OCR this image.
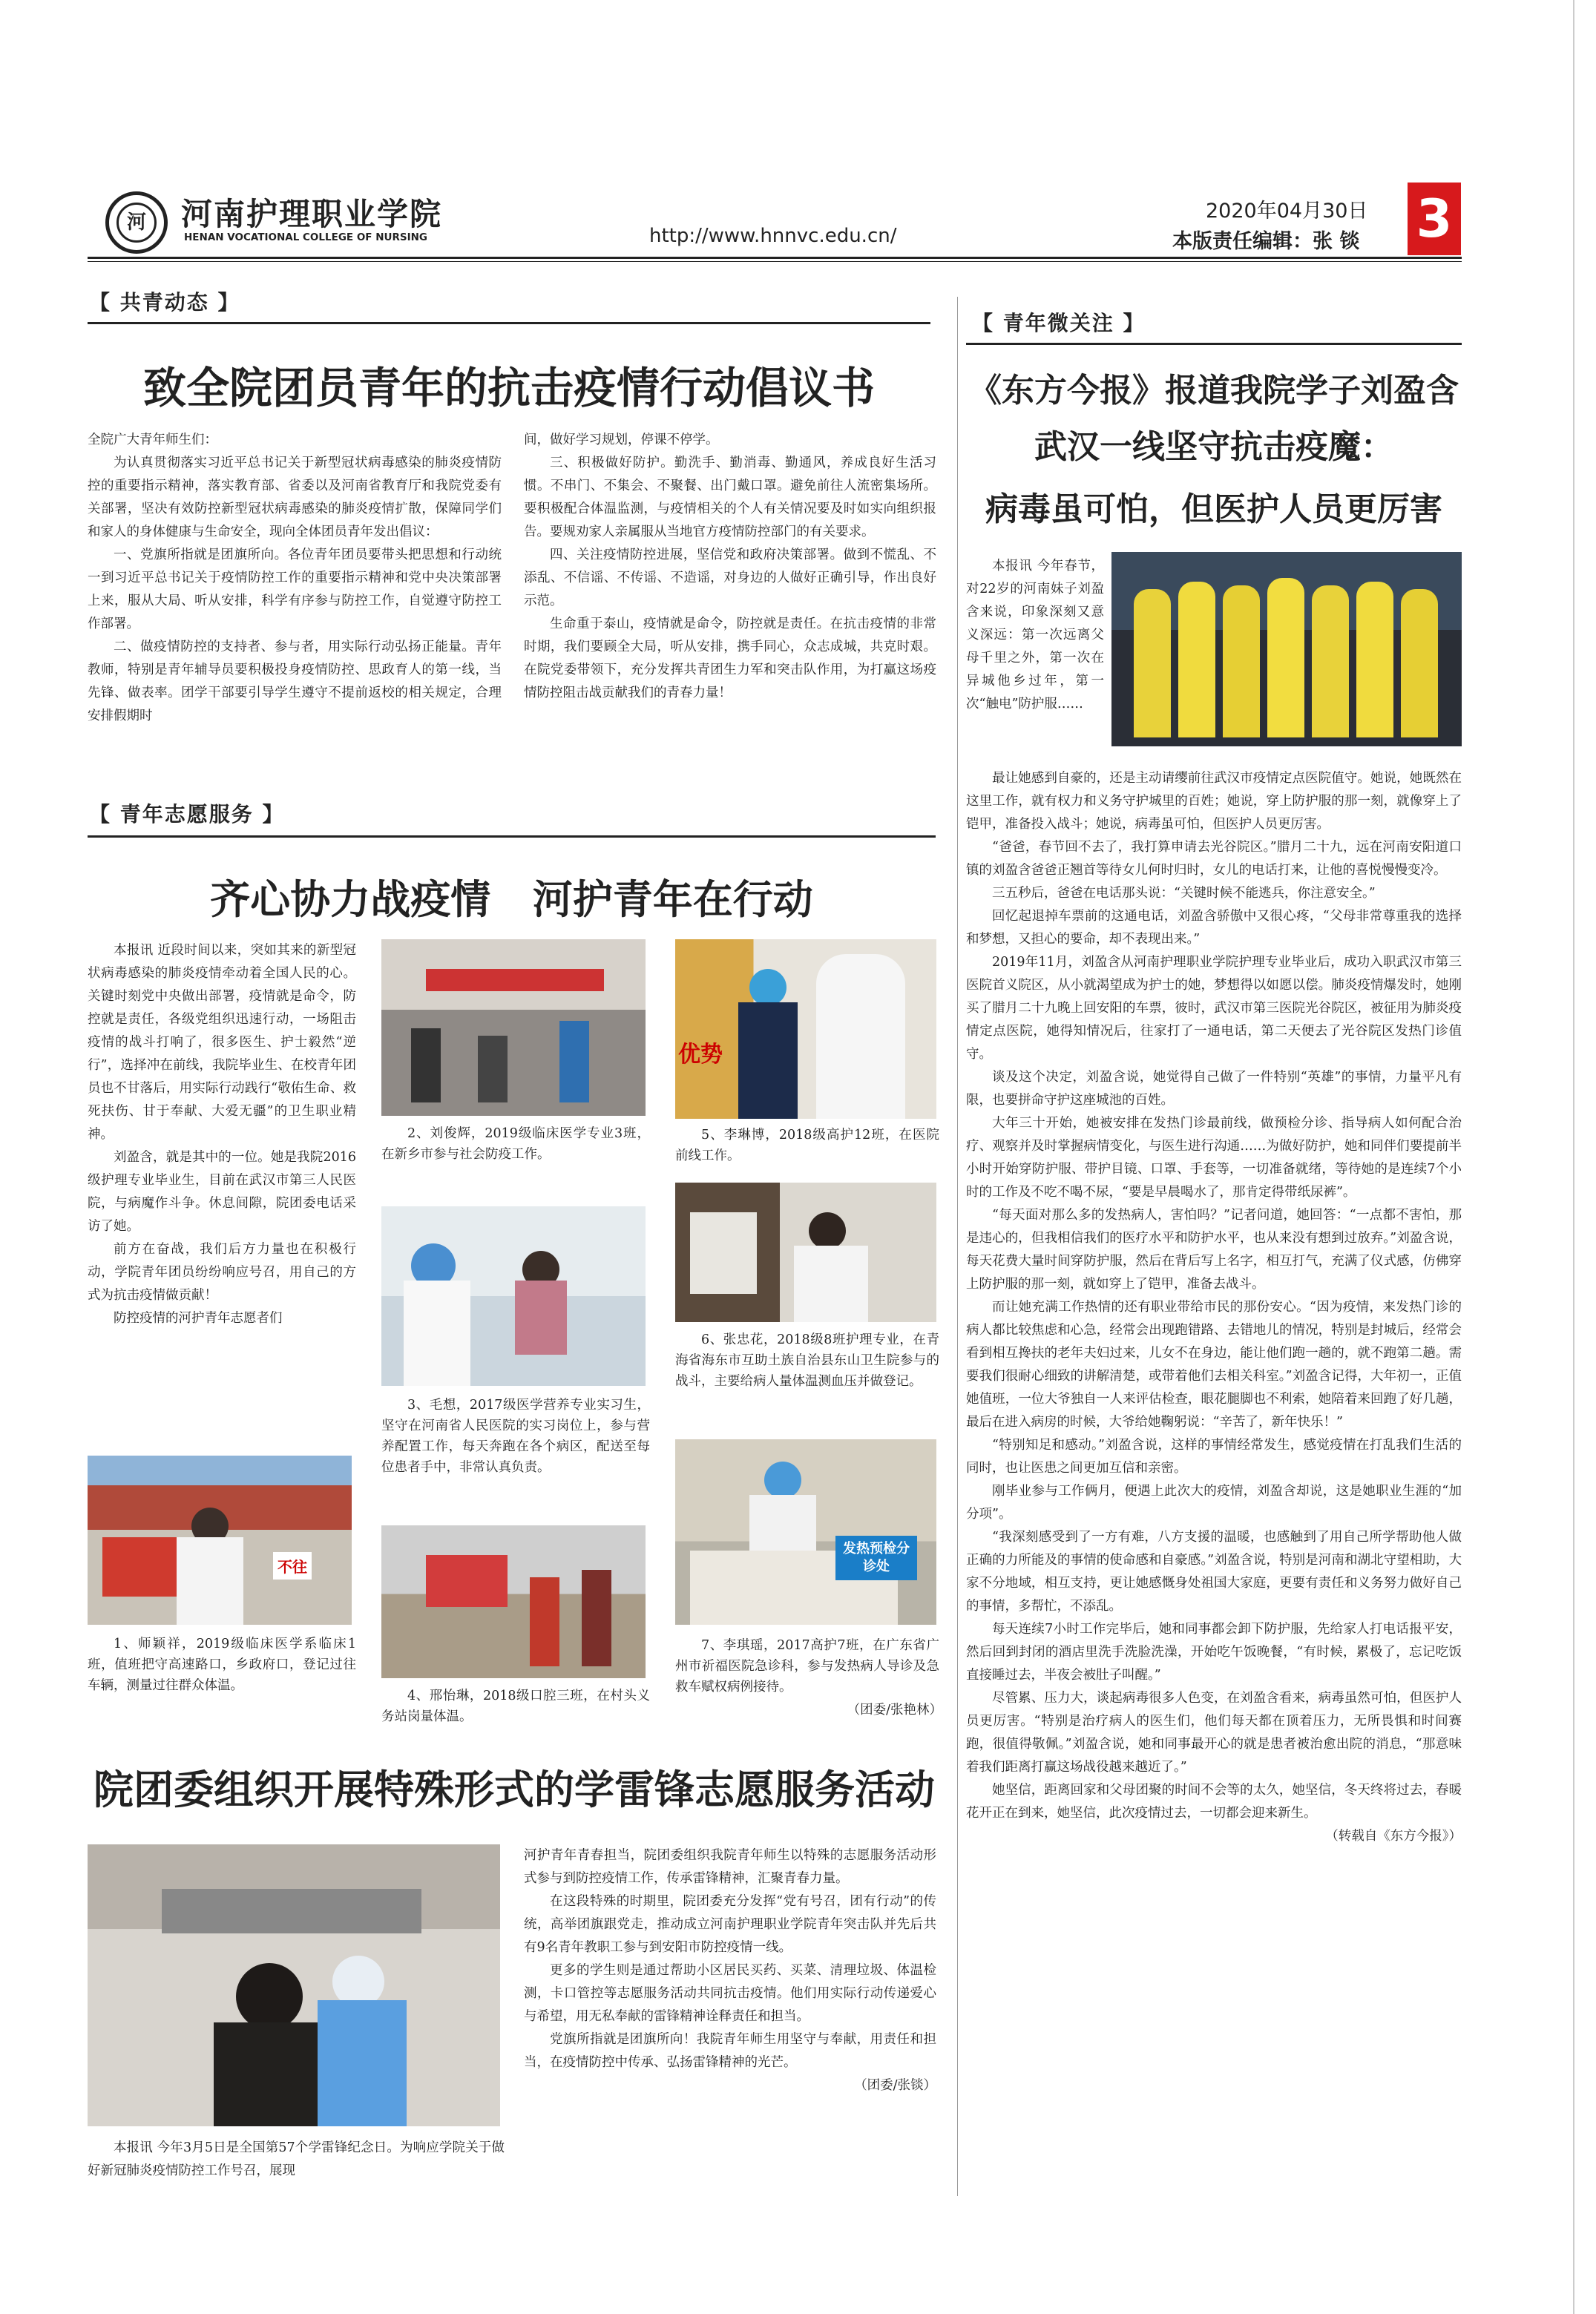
河	河南护理职业学院
HENAN VOCATIONAL COLLEGE OF NURSING	http://www.hnnvc.edu.cn/
2020年04月30日
本版责任编辑：张 锬 3
【 共青动态 】
致全院团员青年的抗击疫情行动倡议书

全院广大青年师生们：

为认真贯彻落实习近平总书记关于新型冠状病毒感染的肺炎疫情防控的重要指示精神，落实教育部、省委以及河南省教育厅和我院党委有关部署，坚决有效防控新型冠状病毒感染的肺炎疫情扩散，保障同学们和家人的身体健康与生命安全，现向全体团员青年发出倡议：

一、党旗所指就是团旗所向。各位青年团员要带头把思想和行动统一到习近平总书记关于疫情防控工作的重要指示精神和党中央决策部署上来，服从大局、听从安排，科学有序参与防控工作，自觉遵守防控工作部署。

二、做疫情防控的支持者、参与者，用实际行动弘扬正能量。青年教师，特别是青年辅导员要积极投身疫情防控、思政育人的第一线，当先锋、做表率。团学干部要引导学生遵守不提前返校的相关规定，合理安排假期时

间，做好学习规划，停课不停学。

三、积极做好防护。勤洗手、勤消毒、勤通风，养成良好生活习惯。不串门、不集会、不聚餐、出门戴口罩。避免前往人流密集场所。要积极配合体温监测，与疫情相关的个人有关情况要及时如实向组织报告。要规劝家人亲属服从当地官方疫情防控部门的有关要求。

四、关注疫情防控进展，坚信党和政府决策部署。做到不慌乱、不添乱、不信谣、不传谣、不造谣，对身边的人做好正确引导，作出良好示范。

生命重于泰山，疫情就是命令，防控就是责任。在抗击疫情的非常时期，我们要顾全大局，听从安排，携手同心，众志成城，共克时艰。在院党委带领下，充分发挥共青团生力军和突击队作用，为打赢这场疫情防控阻击战贡献我们的青春力量！

【 青年志愿服务 】
齐心协力战疫情   河护青年在行动

本报讯 近段时间以来，突如其来的新型冠状病毒感染的肺炎疫情牵动着全国人民的心。关键时刻党中央做出部署，疫情就是命令，防控就是责任，各级党组织迅速行动，一场阻击疫情的战斗打响了，很多医生、护士毅然“逆行”，选择冲在前线，我院毕业生、在校青年团员也不甘落后，用实际行动践行“敬佑生命、救死扶伤、甘于奉献、大爱无疆”的卫生职业精神。

刘盈含，就是其中的一位。她是我院2016级护理专业毕业生，目前在武汉市第三人民医院，与病魔作斗争。休息间隙，院团委电话采访了她。

前方在奋战，我们后方力量也在积极行动，学院青年团员纷纷响应号召，用自己的方式为抗击疫情做贡献！

防控疫情的河护青年志愿者们

不往
1、师颖祥，2019级临床医学系临床1班，值班把守高速路口，乡政府口，登记过往车辆，测量过往群众体温。
2、刘俊辉，2019级临床医学专业3班，在新乡市参与社会防疫工作。
3、毛想，2017级医学营养专业实习生，坚守在河南省人民医院的实习岗位上，参与营养配置工作，每天奔跑在各个病区，配送至每位患者手中，非常认真负责。
4、邢怡琳，2018级口腔三班，在村头义务站岗量体温。
优势
5、李琳博，2018级高护12班，在医院前线工作。
6、张忠花，2018级8班护理专业，在青海省海东市互助土族自治县东山卫生院参与的战斗，主要给病人量体温测血压并做登记。
发热预检分诊处
7、李琪瑶，2017高护7班，在广东省广州市祈福医院急诊科，参与发热病人导诊及急救车赋权病例接待。
（团委/张艳林）
院团委组织开展特殊形式的学雷锋志愿服务活动

本报讯 今年3月5日是全国第57个学雷锋纪念日。为响应学院关于做好新冠肺炎疫情防控工作号召，展现

河护青年青春担当，院团委组织我院青年师生以特殊的志愿服务活动形式参与到防控疫情工作，传承雷锋精神，汇聚青春力量。

在这段特殊的时期里，院团委充分发挥“党有号召，团有行动”的传统，高举团旗跟党走，推动成立河南护理职业学院青年突击队并先后共有9名青年教职工参与到安阳市防控疫情一线。

更多的学生则是通过帮助小区居民买药、买菜、清理垃圾、体温检测，卡口管控等志愿服务活动共同抗击疫情。他们用实际行动传递爱心与希望，用无私奉献的雷锋精神诠释责任和担当。

党旗所指就是团旗所向！我院青年师生用坚守与奉献，用责任和担当，在疫情防控中传承、弘扬雷锋精神的光芒。

（团委/张锬）

【 青年微关注 】
《东方今报》报道我院学子刘盈含
武汉一线坚守抗击疫魔：
病毒虽可怕，但医护人员更厉害
本报讯 今年春节，对22岁的河南妹子刘盈含来说，印象深刻又意义深远：第一次远离父母千里之外，第一次在异城他乡过年，第一次“触电”防护服……

最让她感到自豪的，还是主动请缨前往武汉市疫情定点医院值守。她说，她既然在这里工作，就有权力和义务守护城里的百姓；她说，穿上防护服的那一刻，就像穿上了铠甲，准备投入战斗；她说，病毒虽可怕，但医护人员更厉害。

“爸爸，春节回不去了，我打算申请去光谷院区。”腊月二十九，远在河南安阳道口镇的刘盈含爸爸正翘首等待女儿何时归时，女儿的电话打来，让他的喜悦慢慢变冷。

三五秒后，爸爸在电话那头说：“关键时候不能逃兵，你注意安全。”

回忆起退掉车票前的这通电话，刘盈含骄傲中又很心疼，“父母非常尊重我的选择和梦想，又担心的要命，却不表现出来。”

2019年11月，刘盈含从河南护理职业学院护理专业毕业后，成功入职武汉市第三医院首义院区，从小就渴望成为护士的她，梦想得以如愿以偿。肺炎疫情爆发时，她刚买了腊月二十九晚上回安阳的车票，彼时，武汉市第三医院光谷院区，被征用为肺炎疫情定点医院，她得知情况后，往家打了一通电话，第二天便去了光谷院区发热门诊值守。

谈及这个决定，刘盈含说，她觉得自己做了一件特别“英雄”的事情，力量平凡有限，也要拼命守护这座城池的百姓。

大年三十开始，她被安排在发热门诊最前线，做预检分诊、指导病人如何配合治疗、观察并及时掌握病情变化，与医生进行沟通……为做好防护，她和同伴们要提前半小时开始穿防护服、带护目镜、口罩、手套等，一切准备就绪，等待她的是连续7个小时的工作及不吃不喝不尿，“要是早晨喝水了，那肯定得带纸尿裤”。

“每天面对那么多的发热病人，害怕吗？”记者问道，她回答：“一点都不害怕，那是违心的，但我相信我们的医疗水平和防护水平，也从来没有想到过放弃。”刘盈含说，每天花费大量时间穿防护服，然后在背后写上名字，相互打气，充满了仪式感，仿佛穿上防护服的那一刻，就如穿上了铠甲，准备去战斗。

而让她充满工作热情的还有职业带给市民的那份安心。“因为疫情，来发热门诊的病人都比较焦虑和心急，经常会出现跑错路、去错地儿的情况，特别是封城后，经常会看到相互搀扶的老年夫妇过来，儿女不在身边，能让他们跑一趟的，就不跑第二趟。需要我们很耐心细致的讲解清楚，或带着他们去相关科室。”刘盈含记得，大年初一，正值她值班，一位大爷独自一人来评估检查，眼花腿脚也不利索，她陪着来回跑了好几趟，最后在进入病房的时候，大爷给她鞠躬说：“辛苦了，新年快乐！”

“特别知足和感动。”刘盈含说，这样的事情经常发生，感觉疫情在打乱我们生活的同时，也让医患之间更加互信和亲密。

刚毕业参与工作俩月，便遇上此次大的疫情，刘盈含却说，这是她职业生涯的“加分项”。

“我深刻感受到了一方有难，八方支援的温暖，也感触到了用自己所学帮助他人做正确的力所能及的事情的使命感和自豪感。”刘盈含说，特别是河南和湖北守望相助，大家不分地域，相互支持，更让她感慨身处祖国大家庭，更要有责任和义务努力做好自己的事情，多帮忙，不添乱。

每天连续7小时工作完毕后，她和同事都会卸下防护服，先给家人打电话报平安，然后回到封闭的酒店里洗手洗脸洗澡，开始吃午饭晚餐，“有时候，累极了，忘记吃饭直接睡过去，半夜会被肚子叫醒。”

尽管累、压力大，谈起病毒很多人色变，在刘盈含看来，病毒虽然可怕，但医护人员更厉害。“特别是治疗病人的医生们，他们每天都在顶着压力，无所畏惧和时间赛跑，很值得敬佩。”刘盈含说，她和同事最开心的就是患者被治愈出院的消息，“那意味着我们距离打赢这场战役越来越近了。”

她坚信，距离回家和父母团聚的时间不会等的太久，她坚信，冬天终将过去，春暖花开正在到来，她坚信，此次疫情过去，一切都会迎来新生。

（转载自《东方今报》）
